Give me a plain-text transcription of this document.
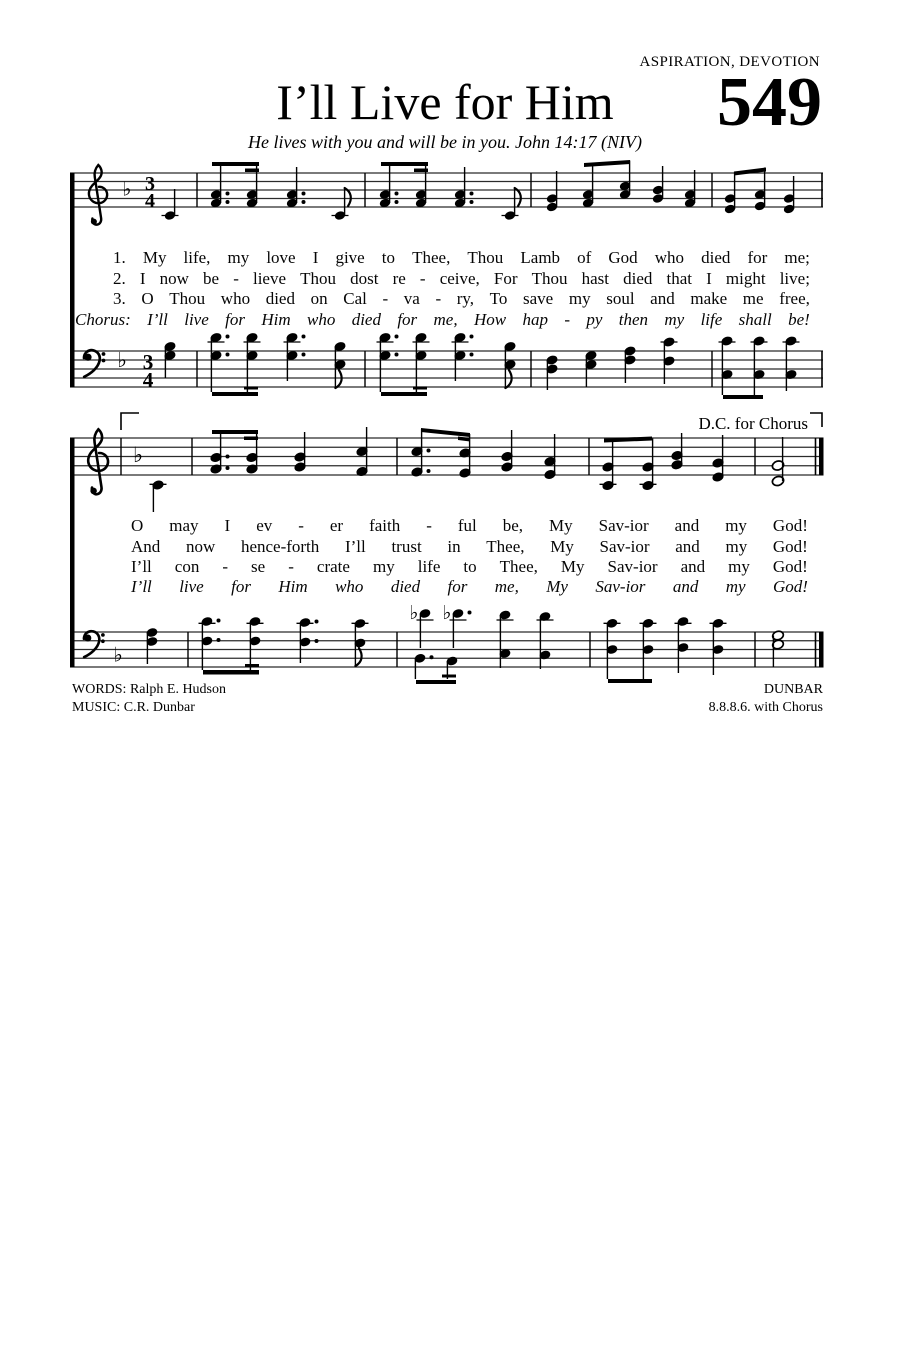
ASPIRATION, DEVOTION
I’ll Live for Him	549
He lives with you and will be in you. John 14:17 (NIV)
1. My life, my love I give to Thee, Thou Lamb of God who died for me;
2. I now be - lieve Thou dost re - ceive, For Thou hast died that I might live;
3. O Thou who died on Cal - va - ry, To save my soul and make me free,
Chorus: I’ll live for Him who died for me, How hap - py then my life shall be!
D.C. for Chorus
O may I ev - er faith - ful be, My Sav-ior and my God!
And now hence-forth I’ll trust in Thee, My Sav-ior and my God!
I’ll con - se - crate my life to Thee, My Sav-ior and my God!
I’ll live for Him who died for me, My Sav-ior and my God!
WORDS: Ralph E. Hudson
MUSIC: C.R. Dunbar
DUNBAR
8.8.8.6. with Chorus
♭ 3
4
♭ 3
4
♭
♭
♭ ♭
